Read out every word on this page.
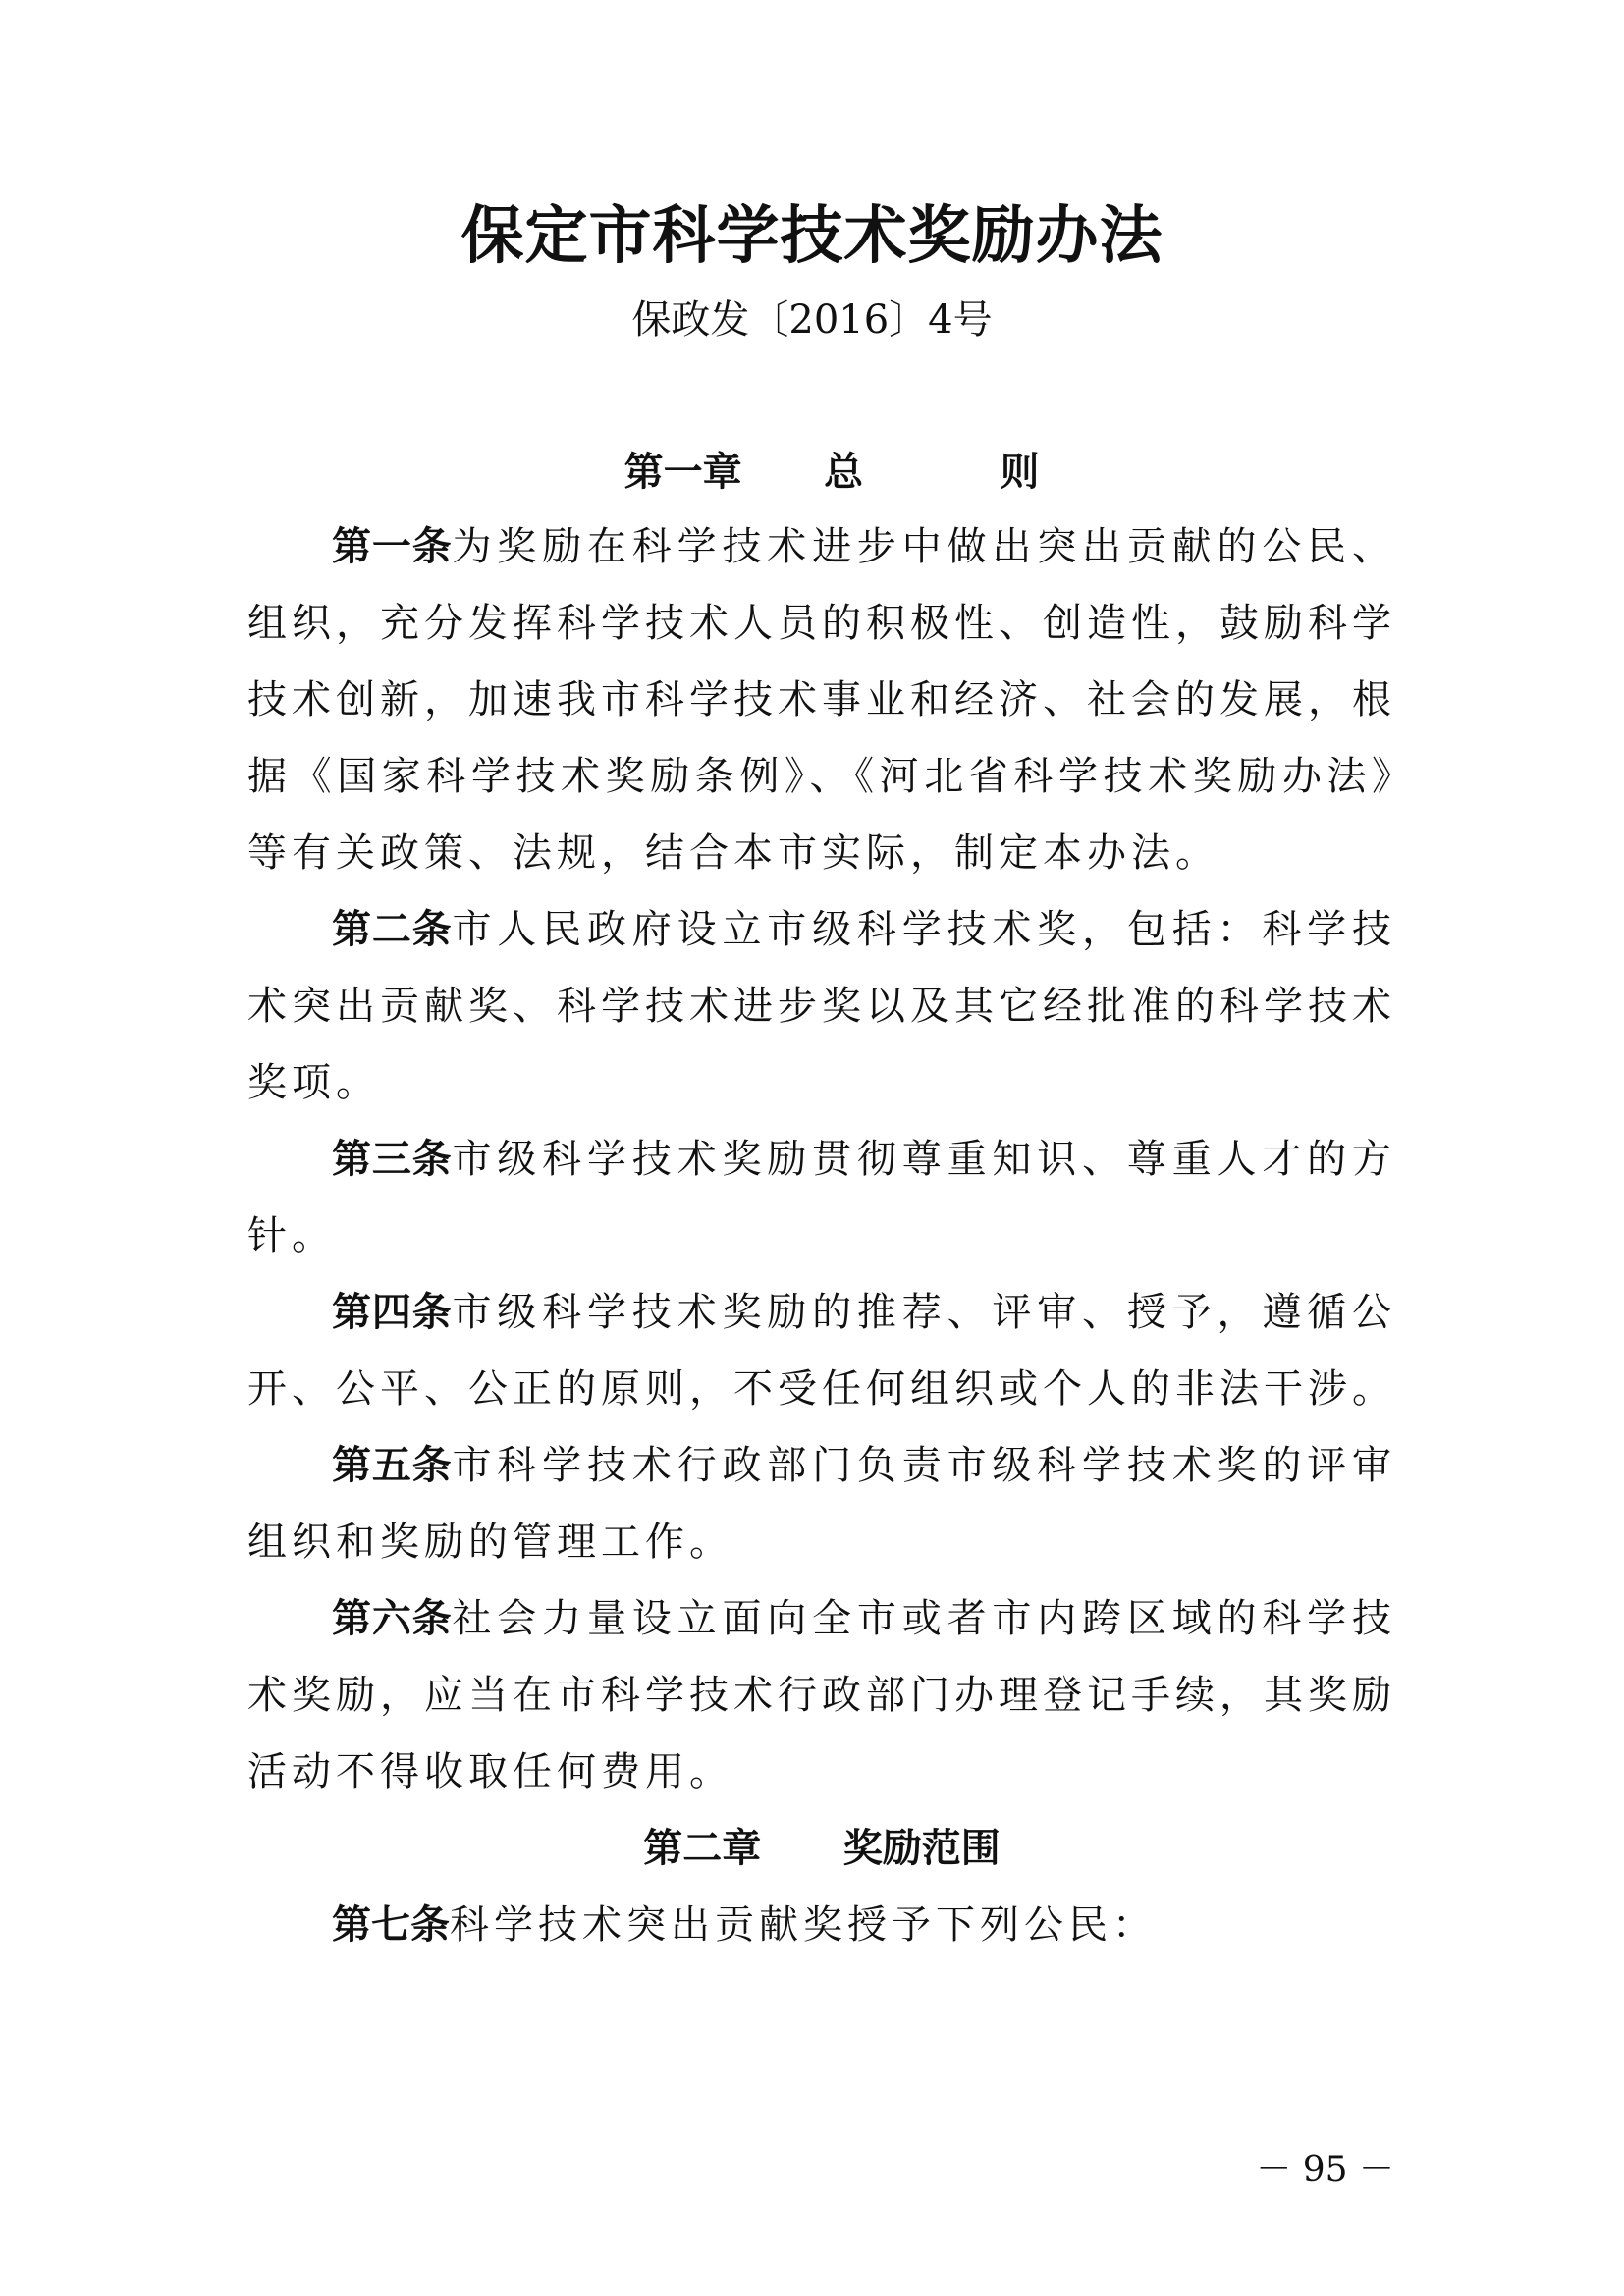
保定市科学技术奖励办法
保政发〔2016〕4号
第一章      总          则

第一条为奖励在科学技术进步中做出突出贡献的公民、组织，充分发挥科学技术人员的积极性、创造性，鼓励科学技术创新，加速我市科学技术事业和经济、社会的发展，根据《国家科学技术奖励条例》、《河北省科学技术奖励办法》等有关政策、法规，结合本市实际，制定本办法。

第二条市人民政府设立市级科学技术奖，包括：科学技术突出贡献奖、科学技术进步奖以及其它经批准的科学技术奖项。

第三条市级科学技术奖励贯彻尊重知识、尊重人才的方针。

第四条市级科学技术奖励的推荐、评审、授予，遵循公开、公平、公正的原则，不受任何组织或个人的非法干涉。

第五条市科学技术行政部门负责市级科学技术奖的评审组织和奖励的管理工作。

第六条社会力量设立面向全市或者市内跨区域的科学技术奖励，应当在市科学技术行政部门办理登记手续，其奖励活动不得收取任何费用。

第二章      奖励范围

第七条科学技术突出贡献奖授予下列公民：

－ 95 －
